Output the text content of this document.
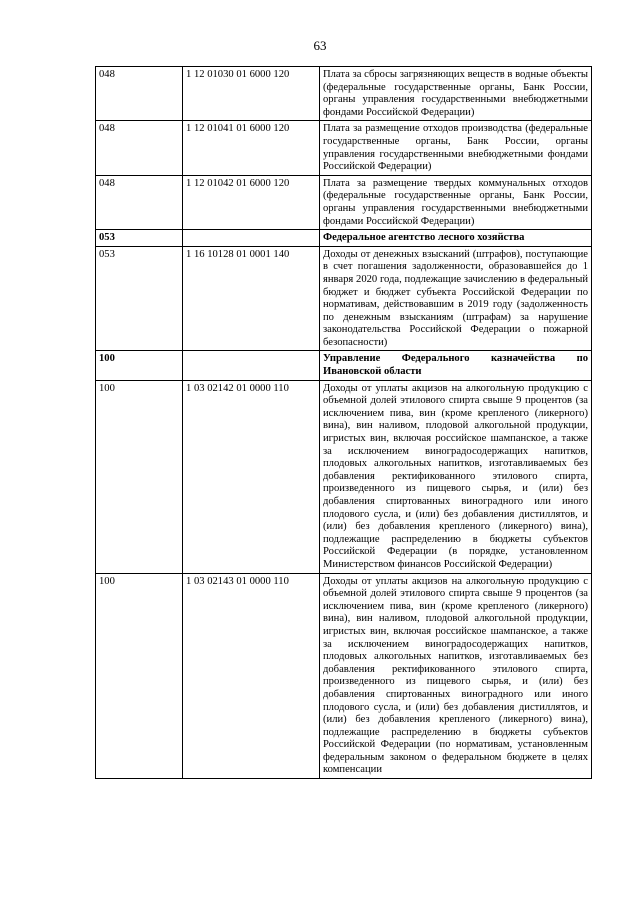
63
048	1 12 01030 01 6000 120	Плата за сбросы загрязняющих веществ в водные объекты (федеральные государственные органы, Банк России, органы управления государственными внебюджетными фондами Российской Федерации)
048	1 12 01041 01 6000 120	Плата за размещение отходов производства (федеральные государственные органы, Банк России, органы управления государственными внебюджетными фондами Российской Федерации)
048	1 12 01042 01 6000 120	Плата за размещение твердых коммунальных отходов (федеральные государственные органы, Банк России, органы управления государственными внебюджетными фондами Российской Федерации)
053		Федеральное агентство лесного хозяйства
053	1 16 10128 01 0001 140	Доходы от денежных взысканий (штрафов), поступающие в счет погашения задолженности, образовавшейся до 1 января 2020 года, подлежащие зачислению в федеральный бюджет и бюджет субъекта Российской Федерации по нормативам, действовавшим в 2019 году (задолженность по денежным взысканиям (штрафам) за нарушение законодательства Российской Федерации о пожарной безопасности)
100		Управление Федерального казначейства по Ивановской области
100	1 03 02142 01 0000 110	Доходы от уплаты акцизов на алкогольную продукцию с объемной долей этилового спирта свыше 9 процентов (за исключением пива, вин (кроме крепленого (ликерного) вина), вин наливом, плодовой алкогольной продукции, игристых вин, включая российское шампанское, а также за исключением виноградосодержащих напитков, плодовых алкогольных напитков, изготавливаемых без добавления ректификованного этилового спирта, произведенного из пищевого сырья, и (или) без добавления спиртованных виноградного или иного плодового сусла, и (или) без добавления дистиллятов, и (или) без добавления крепленого (ликерного) вина), подлежащие распределению в бюджеты субъектов Российской Федерации (в порядке, установленном Министерством финансов Российской Федерации)
100	1 03 02143 01 0000 110	Доходы от уплаты акцизов на алкогольную продукцию с объемной долей этилового спирта свыше 9 процентов (за исключением пива, вин (кроме крепленого (ликерного) вина), вин наливом, плодовой алкогольной продукции, игристых вин, включая российское шампанское, а также за исключением виноградосодержащих напитков, плодовых алкогольных напитков, изготавливаемых без добавления ректификованного этилового спирта, произведенного из пищевого сырья, и (или) без добавления спиртованных виноградного или иного плодового сусла, и (или) без добавления дистиллятов, и (или) без добавления крепленого (ликерного) вина), подлежащие распределению в бюджеты субъектов Российской Федерации (по нормативам, установленным федеральным законом о федеральном бюджете в целях компенсации
